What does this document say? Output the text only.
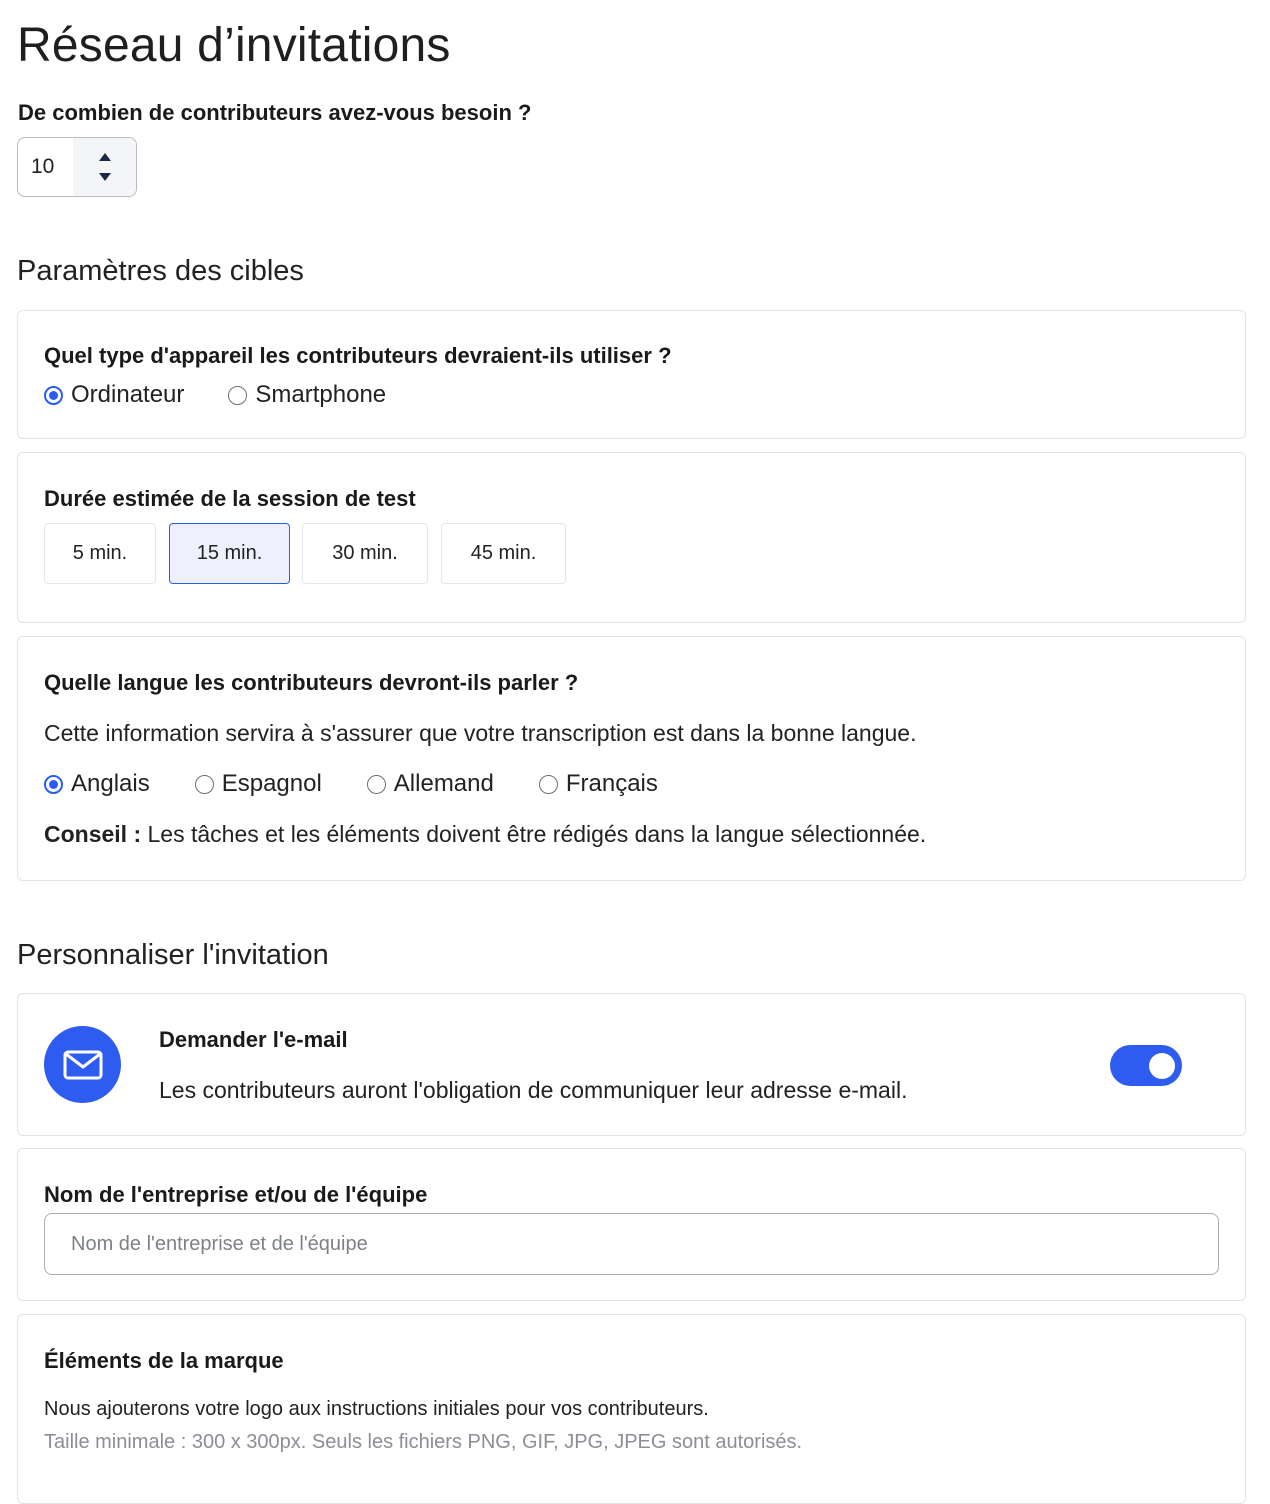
Réseau d’invitations
De combien de contributeurs avez-vous besoin ?
10
Paramètres des cibles
Quel type d'appareil les contributeurs devraient-ils utiliser ?
Ordinateur	Smartphone
Durée estimée de la session de test
5 min.	15 min.	30 min.	45 min.
Quelle langue les contributeurs devront-ils parler ?

Cette information servira à s'assurer que votre transcription est dans la bonne langue.

Anglais	Espagnol	Allemand	Français

Conseil : Les tâches et les éléments doivent être rédigés dans la langue sélectionnée.

Personnaliser l'invitation
Demander l'e-mail

Les contributeurs auront l'obligation de communiquer leur adresse e-mail.

Nom de l'entreprise et/ou de l'équipe
Nom de l'entreprise et de l'équipe
Éléments de la marque

Nous ajouterons votre logo aux instructions initiales pour vos contributeurs.

Taille minimale : 300 x 300px. Seuls les fichiers PNG, GIF, JPG, JPEG sont autorisés.
